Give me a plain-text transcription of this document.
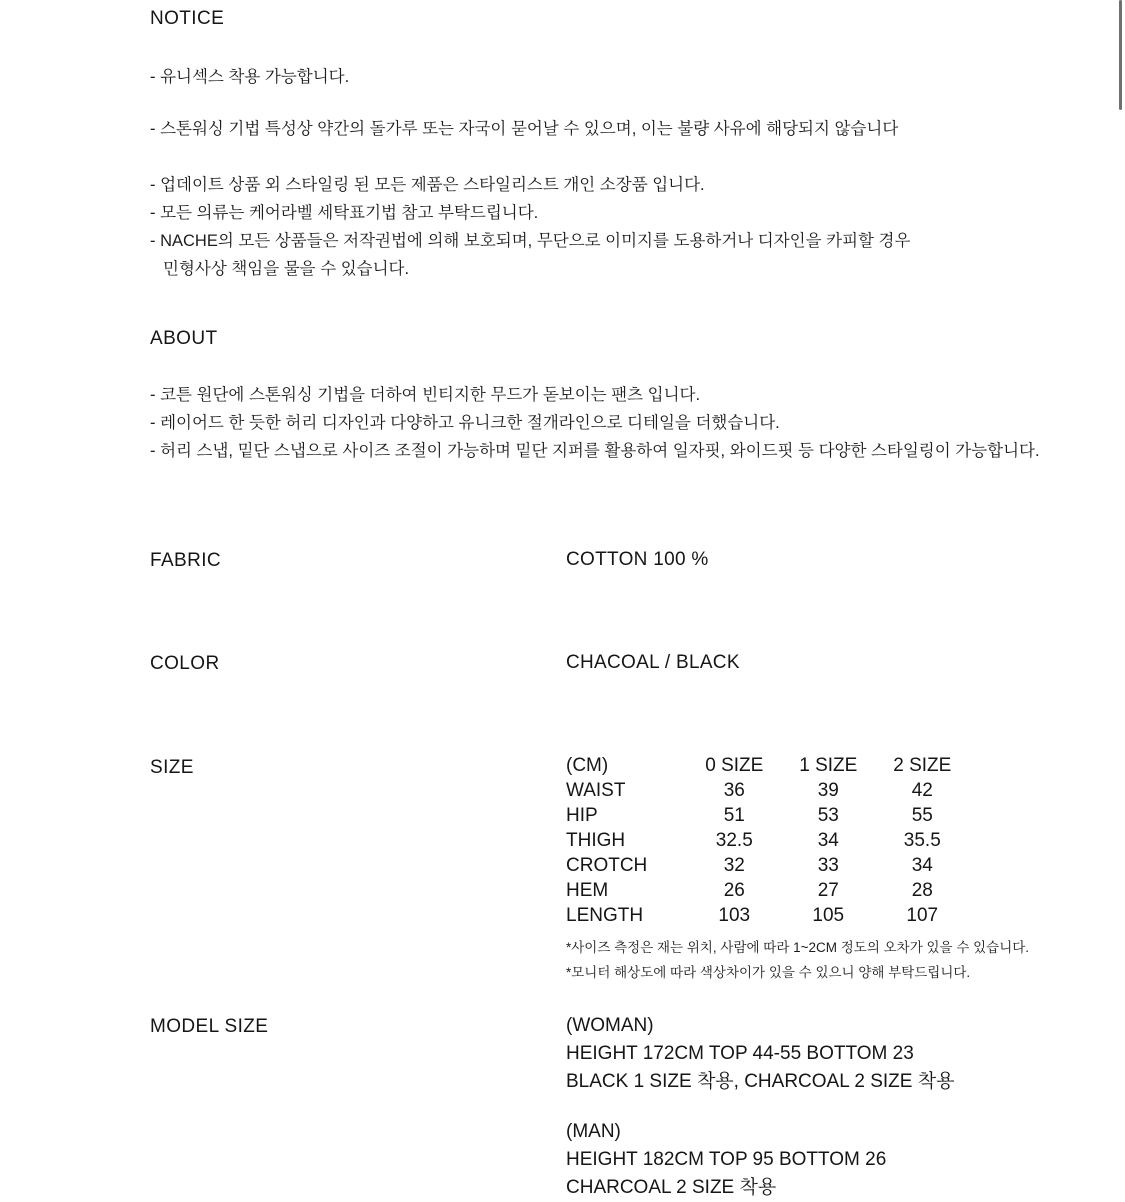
NOTICE
- 유니섹스 착용 가능합니다.
- 스톤워싱 기법 특성상 약간의 돌가루 또는 자국이 묻어날 수 있으며, 이는 불량 사유에 해당되지 않습니다
- 업데이트 상품 외 스타일링 된 모든 제품은 스타일리스트 개인 소장품 입니다.
- 모든 의류는 케어라벨 세탁표기법 참고 부탁드립니다.
- NACHE의 모든 상품들은 저작권법에 의해 보호되며, 무단으로 이미지를 도용하거나 디자인을 카피할 경우
민형사상 책임을 물을 수 있습니다.
ABOUT
- 코튼 원단에 스톤워싱 기법을 더하여 빈티지한 무드가 돋보이는 팬츠 입니다.
- 레이어드 한 듯한 허리 디자인과 다양하고 유니크한 절개라인으로 디테일을 더했습니다.
- 허리 스냅, 밑단 스냅으로 사이즈 조절이 가능하며 밑단 지퍼를 활용하여 일자핏, 와이드핏 등 다양한 스타일링이 가능합니다.
FABRIC	COTTON 100 %
COLOR	CHACOAL / BLACK
SIZE	(CM)	0 SIZE	1 SIZE	2 SIZE
WAIST	36	39	42
HIP	51	53	55
THIGH	32.5	34	35.5
CROTCH	32	33	34
HEM	26	27	28
LENGTH	103	105	107
*사이즈 측정은 재는 위치, 사람에 따라 1~2CM 정도의 오차가 있을 수 있습니다.
*모니터 해상도에 따라 색상차이가 있을 수 있으니 양해 부탁드립니다.
MODEL SIZE	(WOMAN)
HEIGHT 172CM TOP 44-55 BOTTOM 23
BLACK 1 SIZE 착용, CHARCOAL 2 SIZE 착용
(MAN)
HEIGHT 182CM TOP 95 BOTTOM 26
CHARCOAL 2 SIZE 착용
